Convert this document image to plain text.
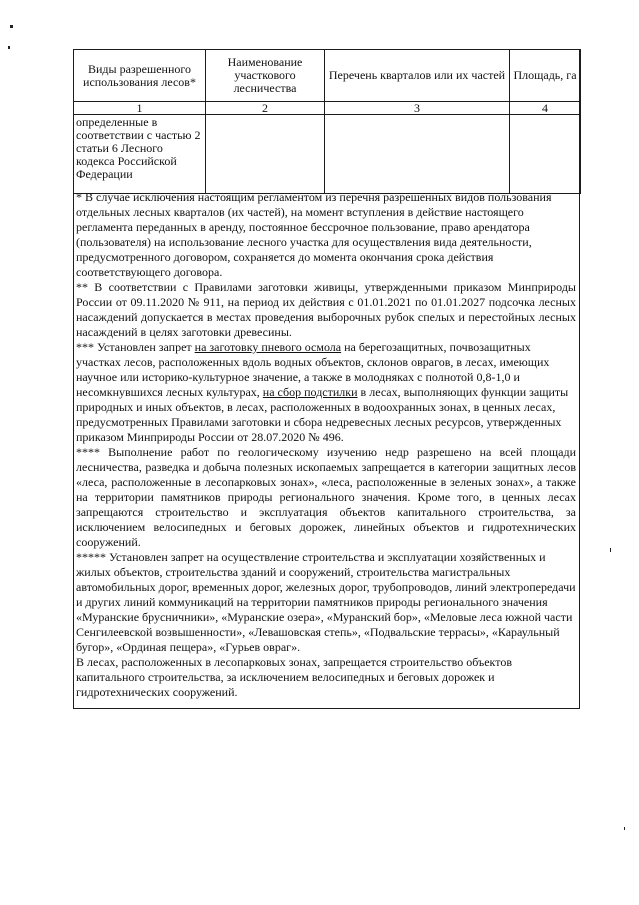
Виды разрешенного использования лесов*	Наименование участкового лесничества	Перечень кварталов или их частей	Площадь, га
1	2	3	4
определенные в соответствии с частью 2 статьи 6 Лесного кодекса Российской Федерации			

* В случае исключения настоящим регламентом из перечня разрешенных видов пользования отдельных лесных кварталов (их частей), на момент вступления в действие настоящего регламента переданных в аренду, постоянное бессрочное пользование, право арендатора (пользователя) на использование лесного участка для осуществления вида деятельности, предусмотренного договором, сохраняется до момента окончания срока действия соответствующего договора.

** В соответствии с Правилами заготовки живицы, утвержденными приказом Минприроды России от 09.11.2020 № 911, на период их действия с 01.01.2021 по 01.01.2027 подсочка лесных насаждений допускается в местах проведения выборочных рубок спелых и перестойных лесных насаждений в целях заготовки древесины.

*** Установлен запрет на заготовку пневого осмола на берегозащитных, почвозащитных участках лесов, расположенных вдоль водных объектов, склонов оврагов, в лесах, имеющих научное или историко-культурное значение, а также в молодняках с полнотой 0,8-1,0 и несомкнувшихся лесных культурах, на сбор подстилки в лесах, выполняющих функции защиты природных и иных объектов, в лесах, расположенных в водоохранных зонах, в ценных лесах, предусмотренных Правилами заготовки и сбора недревесных лесных ресурсов, утвержденных приказом Минприроды России от 28.07.2020 № 496.

**** Выполнение работ по геологическому изучению недр разрешено на всей площади лесничества, разведка и добыча полезных ископаемых запрещается в категории защитных лесов «леса, расположенные в лесопарковых зонах», «леса, расположенные в зеленых зонах», а также на территории памятников природы регионального значения. Кроме того, в ценных лесах запрещаются строительство и эксплуатация объектов капитального строительства, за исключением велосипедных и беговых дорожек, линейных объектов и гидротехнических сооружений.

***** Установлен запрет на осуществление строительства и эксплуатации хозяйственных и жилых объектов, строительства зданий и сооружений, строительства магистральных автомобильных дорог, временных дорог, железных дорог, трубопроводов, линий электропередачи и других линий коммуникаций на территории памятников природы регионального значения «Муранские брусничники», «Муранские озера», «Муранский бор», «Меловые леса южной части Сенгилеевской возвышенности», «Левашовская степь», «Подвальские террасы», «Караульный бугор», «Ординая пещера», «Гурьев овраг».

В лесах, расположенных в лесопарковых зонах, запрещается строительство объектов капитального строительства, за исключением велосипедных и беговых дорожек и гидротехнических сооружений.
